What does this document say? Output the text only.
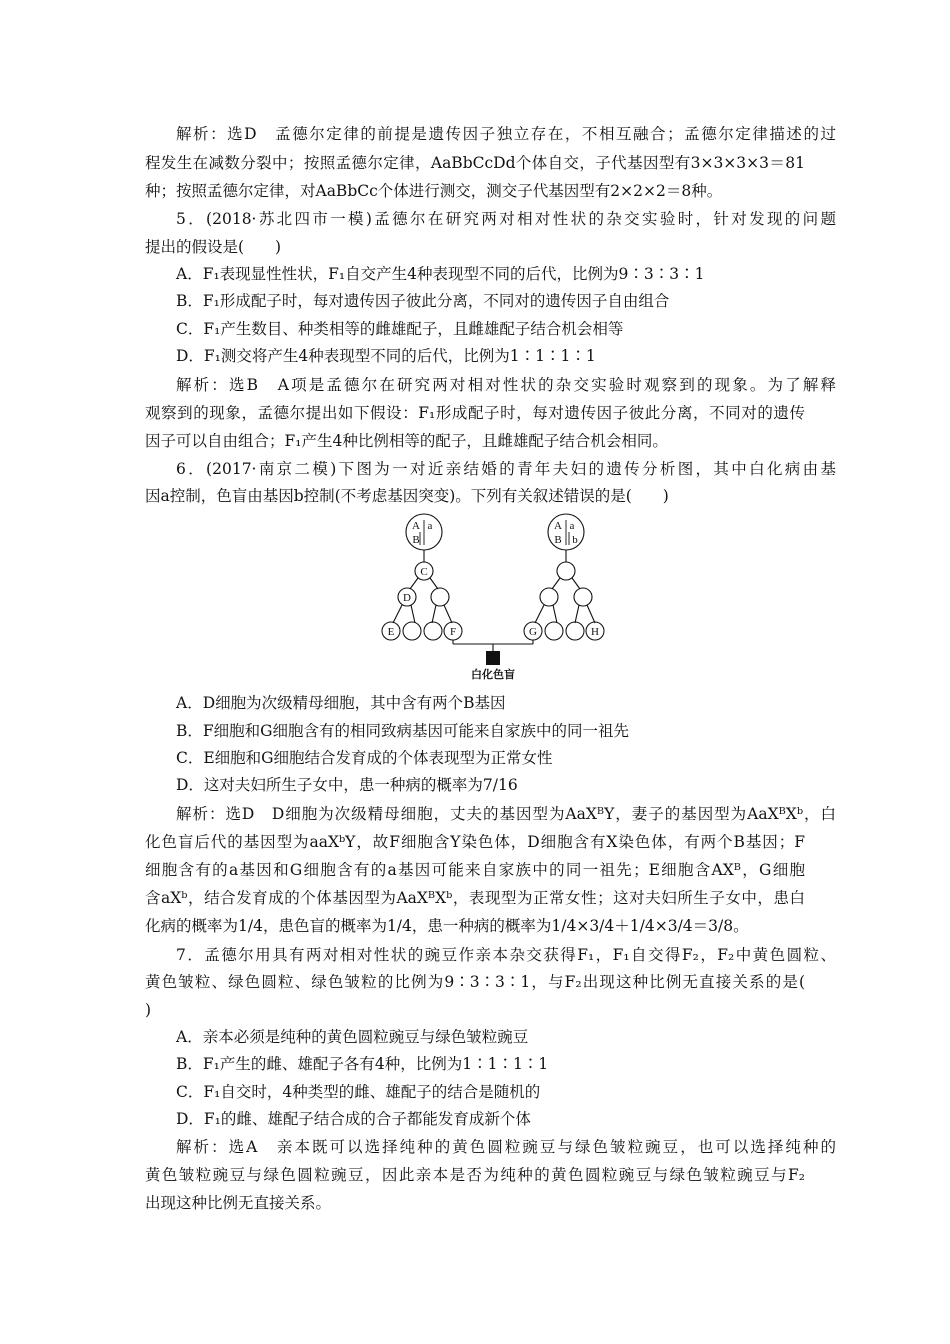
解析：选D　孟德尔定律的前提是遗传因子独立存在，不相互融合；孟德尔定律描述的过
程发生在减数分裂中；按照孟德尔定律，AaBbCcDd个体自交，子代基因型有3×3×3×3＝81
种；按照孟德尔定律，对AaBbCc个体进行测交，测交子代基因型有2×2×2＝8种。
5．(2018·苏北四市一模)孟德尔在研究两对相对性状的杂交实验时，针对发现的问题
提出的假设是(　　)
A．F₁表现显性性状，F₁自交产生4种表现型不同的后代，比例为9∶3∶3∶1
B．F₁形成配子时，每对遗传因子彼此分离，不同对的遗传因子自由组合
C．F₁产生数目、种类相等的雌雄配子，且雌雄配子结合机会相等
D．F₁测交将产生4种表现型不同的后代，比例为1∶1∶1∶1
解析：选B　A项是孟德尔在研究两对相对性状的杂交实验时观察到的现象。为了解释
观察到的现象，孟德尔提出如下假设：F₁形成配子时，每对遗传因子彼此分离，不同对的遗传
因子可以自由组合；F₁产生4种比例相等的配子，且雌雄配子结合机会相同。
6．(2017·南京二模)下图为一对近亲结婚的青年夫妇的遗传分析图，其中白化病由基
因a控制，色盲由基因b控制(不考虑基因突变)。下列有关叙述错误的是(　　)
A a
B
A a
B b
C
D
E	F	G	H
白化色盲
A．D细胞为次级精母细胞，其中含有两个B基因
B．F细胞和G细胞含有的相同致病基因可能来自家族中的同一祖先
C．E细胞和G细胞结合发育成的个体表现型为正常女性
D．这对夫妇所生子女中，患一种病的概率为7/16
解析：选D　D细胞为次级精母细胞，丈夫的基因型为AaXᴮY，妻子的基因型为AaXᴮXᵇ，白
化色盲后代的基因型为aaXᵇY，故F细胞含Y染色体，D细胞含有X染色体，有两个B基因；F
细胞含有的a基因和G细胞含有的a基因可能来自家族中的同一祖先；E细胞含AXᴮ，G细胞
含aXᵇ，结合发育成的个体基因型为AaXᴮXᵇ，表现型为正常女性；这对夫妇所生子女中，患白
化病的概率为1/4，患色盲的概率为1/4，患一种病的概率为1/4×3/4＋1/4×3/4＝3/8。
7．孟德尔用具有两对相对性状的豌豆作亲本杂交获得F₁，F₁自交得F₂，F₂中黄色圆粒、
黄色皱粒、绿色圆粒、绿色皱粒的比例为9∶3∶3∶1，与F₂出现这种比例无直接关系的是(
)
A．亲本必须是纯种的黄色圆粒豌豆与绿色皱粒豌豆
B．F₁产生的雌、雄配子各有4种，比例为1∶1∶1∶1
C．F₁自交时，4种类型的雌、雄配子的结合是随机的
D．F₁的雌、雄配子结合成的合子都能发育成新个体
解析：选A　亲本既可以选择纯种的黄色圆粒豌豆与绿色皱粒豌豆，也可以选择纯种的
黄色皱粒豌豆与绿色圆粒豌豆，因此亲本是否为纯种的黄色圆粒豌豆与绿色皱粒豌豆与F₂
出现这种比例无直接关系。
